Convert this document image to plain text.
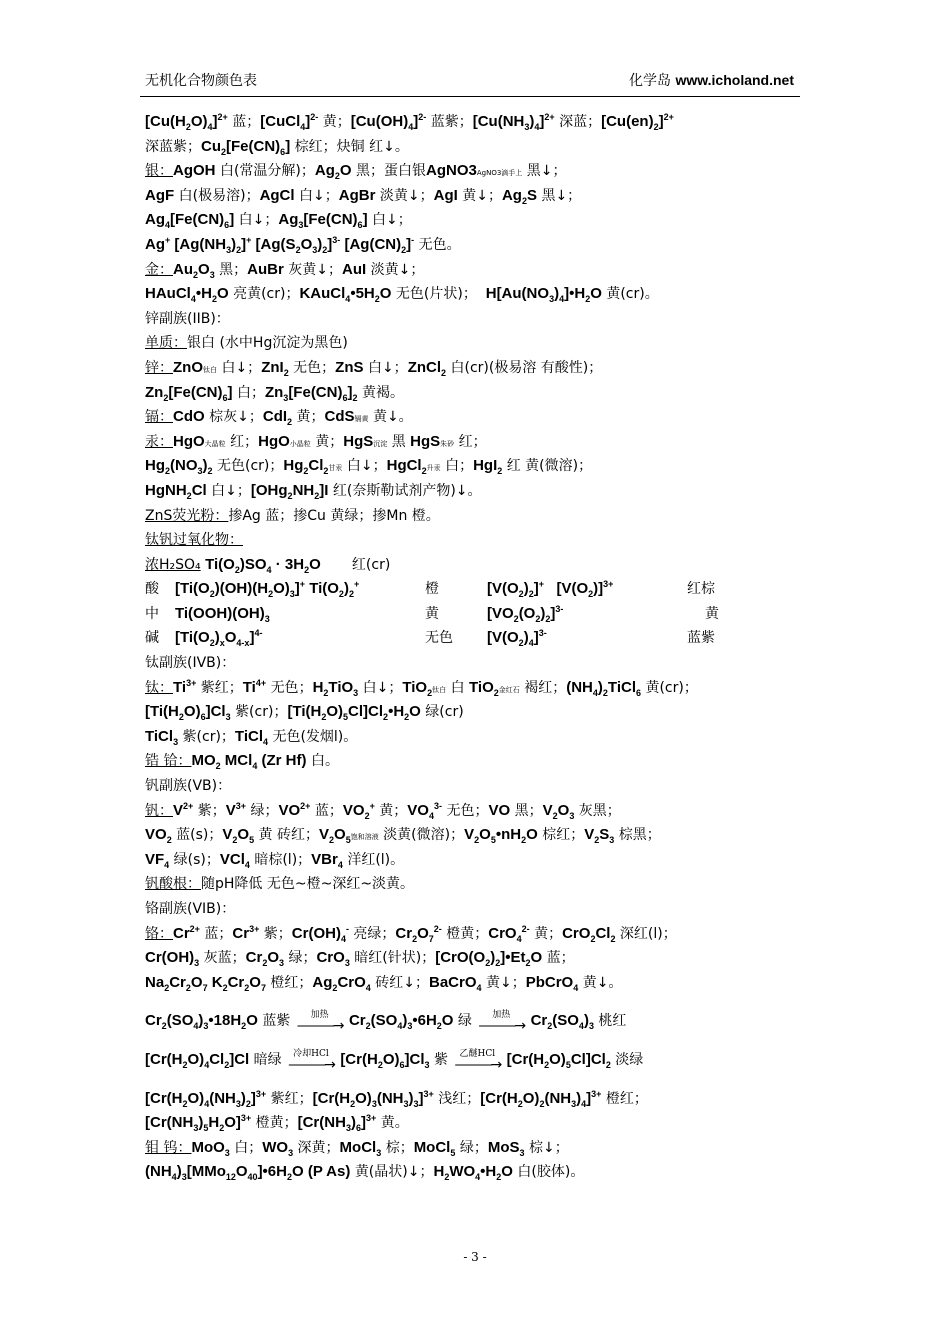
无机化合物颜色表	化学岛 www.icholand.net
$[Cu(H_2O)_4]^{2+}$ 蓝；[CuCl$_4$]$^{2-}$ 黄；$[Cu(OH)_4]^{2-}$ 蓝紫；$[Cu(NH_3)_4]^{2+}$ 深蓝；$[Cu(en)_2]^{2+}$
深蓝紫；$Cu_2[Fe(CN)_6]$ 棕红；炔铜 红↓。
银：AgOH 白(常温分解)；$Ag_2O$ 黑；蛋白银AgNO3AgNO3滴手上 黑↓；
AgF 白(极易溶)；AgCl 白↓；AgBr 淡黄↓；AgI 黄↓；$Ag_2S$ 黑↓；
$Ag_4[Fe(CN)_6]$ 白↓；$Ag_3[Fe(CN)_6]$ 白↓；
Ag+ $[Ag(NH_3)_2]^+$ $[Ag(S_2O_3)_2]^{3-}$ $[Ag(CN)_2]^-$ 无色。
金：$Au_2O_3$ 黑；AuBr 灰黄↓；AuI 淡黄↓；
$HAuCl_4•H_2O$ 亮黄(cr)；$KAuCl_4•5H_2O$ 无色(片状)；  $H[Au(NO_3)_4]•H_2O$ 黄(cr)。
锌副族(IIB)：
单质：银白 (水中Hg沉淀为黑色)
锌：ZnO钛白 白↓；ZnI$_2$ 无色；ZnS 白↓；ZnCl$_2$ 白(cr)(极易溶 有酸性)；
$Zn_2[Fe(CN)_6]$ 白；$Zn_3[Fe(CN)_6]_2$ 黄褐。
镉：CdO 棕灰↓；CdI$_2$ 黄；CdS镉黄 黄↓。
汞：HgO大晶粒 红；HgO小晶粒 黄；HgS沉淀 黑 HgS朱砂 红；
$Hg_2(NO_3)_2$ 无色(cr)；$Hg_2Cl_2$甘汞 白↓；HgCl$_2$升汞 白；HgI$_2$ 红 黄(微溶)；
HgNH$_2$Cl 白↓；$[OHg_2NH_2]I$ 红(奈斯勒试剂产物)↓。
ZnS荧光粉：掺Ag 蓝；掺Cu 黄绿；掺Mn 橙。
钛钒过氧化物：
浓H₂SO₄ $Ti(O_2)SO_4 \cdot 3H_2O$ 红(cr)
酸	$[Ti(O_2)(OH)(H_2O)_3]^+$ $Ti(O_2)_2^+$	橙	$[V(O_2)_2]^+$   $[V(O_2)]^{3+}$	红棕
中	$Ti(OOH)(OH)_3$	黄	$[VO_2(O_2)_2]^{3-}$	黄
碱	$[Ti(O_2)_xO_{4-x}]^{4-}$	无色	$[V(O_2)_4]^{3-}$	蓝紫
钛副族(IVB)：
钛：$Ti^{3+}$ 紫红；$Ti^{4+}$ 无色；$H_2TiO_3$ 白↓；TiO$_2$钛白 白 TiO$_2$金红石 褐红；$(NH_4)_2TiCl_6$ 黄(cr)；
$[Ti(H_2O)_6]Cl_3$ 紫(cr)；$[Ti(H_2O)_5Cl]Cl_2•H_2O$ 绿(cr)
TiCl$_3$ 紫(cr)；TiCl$_4$ 无色(发烟l)。
锆 铪：$MO_2$ MCl$_4$ (Zr Hf) 白。
钒副族(VB)：
钒：$V^{2+}$ 紫；$V^{3+}$ 绿；$VO^{2+}$ 蓝；$VO_2^+$ 黄；$VO_4^{3-}$ 无色；VO 黑；$V_2O_3$ 灰黑；
$VO_2$ 蓝(s)；$V_2O_5$ 黄 砖红；$V_2O_5$饱和溶液 淡黄(微溶)；$V_2O_5•nH_2O$ 棕红；$V_2S_3$ 棕黑；
$VF_4$ 绿(s)；VCl$_4$ 暗棕(l)；VBr$_4$ 洋红(l)。
钒酸根：随pH降低 无色~橙~深红~淡黄。
铬副族(VIB)：
铬：$Cr^{2+}$ 蓝；$Cr^{3+}$ 紫；$Cr(OH)_4^-$ 亮绿；$Cr_2O_7^{2-}$ 橙黄；CrO$_4^{2-}$ 黄；$CrO_2Cl_2$ 深红(l)；
$Cr(OH)_3$ 灰蓝；$Cr_2O_3$ 绿；CrO$_3$ 暗红(针状)；$[CrO(O_2)_2]•Et_2O$ 蓝；
$Na_2Cr_2O_7$ $K_2Cr_2O_7$ 橙红；$Ag_2CrO_4$ 砖红↓；BaCrO$_4$ 黄↓；PbCrO$_4$ 黄↓。
$Cr_2(SO_4)_3•18H_2O$ 蓝紫 加热
———→ $Cr_2(SO_4)_3•6H_2O$ 绿 加热
———→ $Cr_2(SO_4)_3$ 桃红
$[Cr(H_2O)_4Cl_2]Cl$ 暗绿 冷却HCl
———→ $[Cr(H_2O)_6]Cl_3$ 紫 乙醚HCl
———→ $[Cr(H_2O)_5Cl]Cl_2$ 淡绿
$[Cr(H_2O)_4(NH_3)_2]^{3+}$ 紫红；$[Cr(H_2O)_3(NH_3)_3]^{3+}$ 浅红；$[Cr(H_2O)_2(NH_3)_4]^{3+}$ 橙红；
$[Cr(NH_3)_5H_2O]^{3+}$ 橙黄；$[Cr(NH_3)_6]^{3+}$ 黄。
钼 钨：MoO$_3$ 白；$WO_3$ 深黄；MoCl$_3$ 棕；MoCl$_5$ 绿；MoS$_3$ 棕↓；
$(NH_4)_3[MMo_{12}O_{40}]•6H_2O$ (P As) 黄(晶状)↓；$H_2WO_4•H_2O$ 白(胶体)。
- 3 -
